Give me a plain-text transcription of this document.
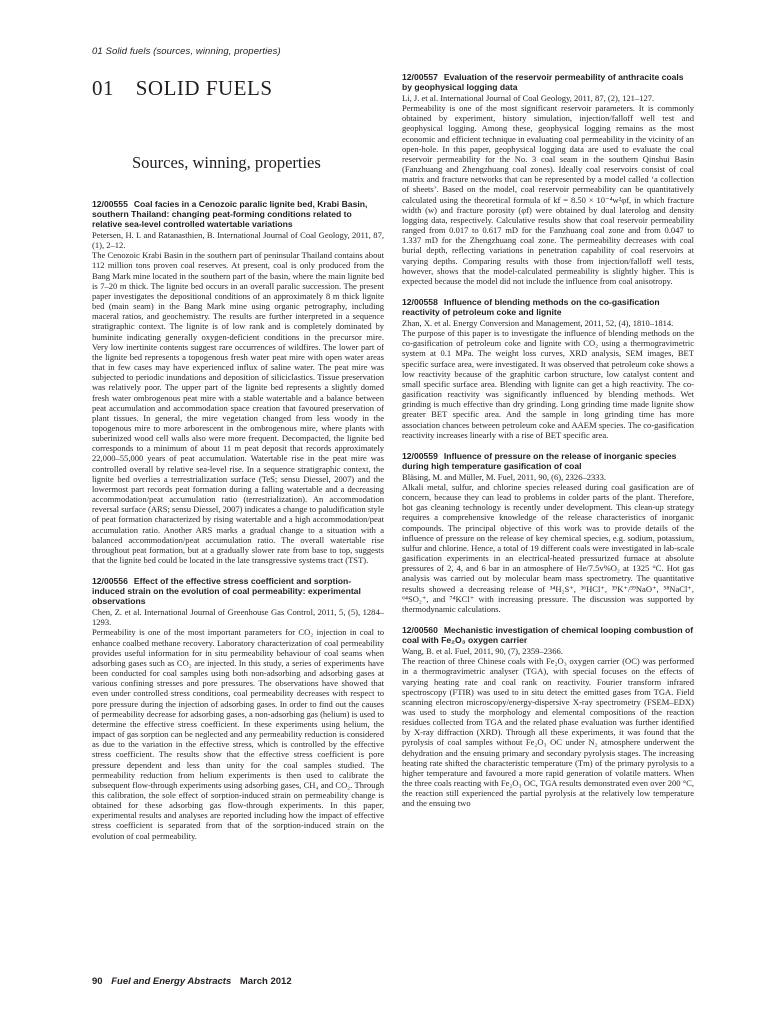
01 Solid fuels (sources, winning, properties)
01 SOLID FUELS
Sources, winning, properties
12/00555 Coal facies in a Cenozoic paralic lignite bed, Krabi Basin, southern Thailand: changing peat-forming conditions related to relative sea-level controlled watertable variations
Petersen, H. I. and Ratanasthien, B. International Journal of Coal Geology, 2011, 87, (1), 2–12.
The Cenozoic Krabi Basin in the southern part of peninsular Thailand contains about 112 million tons proven coal reserves. At present, coal is only produced from the Bang Mark mine located in the southern part of the basin, where the main lignite bed is 7–20 m thick. The lignite bed occurs in an overall paralic succession. The present paper investigates the depositional conditions of an approximately 8 m thick lignite bed (main seam) in the Bang Mark mine using organic petrography, including maceral ratios, and geochemistry. The results are further interpreted in a sequence stratigraphic context. The lignite is of low rank and is completely dominated by huminite indicating generally oxygen-deficient conditions in the precursor mire. Very low inertinite contents suggest rare occurrences of wildfires. The lower part of the lignite bed represents a topogenous fresh water peat mire with open water areas that in few cases may have experienced influx of saline water. The peat mire was subjected to periodic inundations and deposition of siliciclastics. Tissue preservation was relatively poor. The upper part of the lignite bed represents a slightly domed fresh water ombrogenous peat mire with a stable watertable and a balance between peat accumulation and accommodation space creation that favoured preservation of plant tissues. In general, the mire vegetation changed from less woody in the topogenous mire to more arborescent in the ombrogenous mire, where plants with suberinized wood cell walls also were more frequent. Decompacted, the lignite bed corresponds to a minimum of about 11 m peat deposit that records approximately 22,000–55,000 years of peat accumulation. Watertable rise in the peat mire was controlled overall by relative sea-level rise. In a sequence stratigraphic context, the lignite bed overlies a terrestrialization surface (TeS; sensu Diessel, 2007) and the lowermost part records peat formation during a falling watertable and a decreasing accommodation/peat accumulation ratio (terrestrialization). An accommodation reversal surface (ARS; sensu Diessel, 2007) indicates a change to paludification style of peat formation characterized by rising watertable and a high accommodation/peat accumulation ratio. Another ARS marks a gradual change to a situation with a balanced accommodation/peat accumulation ratio. The overall watertable rise throughout peat formation, but at a gradually slower rate from base to top, suggests that the lignite bed could be located in the late transgressive systems tract (TST).
12/00556 Effect of the effective stress coefficient and sorption-induced strain on the evolution of coal permeability: experimental observations
Chen, Z. et al. International Journal of Greenhouse Gas Control, 2011, 5, (5), 1284–1293.
Permeability is one of the most important parameters for CO₂ injection in coal to enhance coalbed methane recovery. Laboratory characterization of coal permeability provides useful information for in situ permeability behaviour of coal seams when adsorbing gases such as CO₂ are injected. In this study, a series of experiments have been conducted for coal samples using both non-adsorbing and adsorbing gases at various confining stresses and pore pressures. The observations have showed that even under controlled stress conditions, coal permeability decreases with respect to pore pressure during the injection of adsorbing gases. In order to find out the causes of permeability decrease for adsorbing gases, a non-adsorbing gas (helium) is used to determine the effective stress coefficient. In these experiments using helium, the impact of gas sorption can be neglected and any permeability reduction is considered as due to the variation in the effective stress, which is controlled by the effective stress coefficient. The results show that the effective stress coefficient is pore pressure dependent and less than unity for the coal samples studied. The permeability reduction from helium experiments is then used to calibrate the subsequent flow-through experiments using adsorbing gases, CH₄ and CO₂. Through this calibration, the sole effect of sorption-induced strain on permeability change is obtained for these adsorbing gas flow-through experiments. In this paper, experimental results and analyses are reported including how the impact of effective stress coefficient is separated from that of the sorption-induced strain on the evolution of coal permeability.
12/00557 Evaluation of the reservoir permeability of anthracite coals by geophysical logging data
Li, J. et al. International Journal of Coal Geology, 2011, 87, (2), 121–127.
Permeability is one of the most significant reservoir parameters. It is commonly obtained by experiment, history simulation, injection/falloff well test and geophysical logging. Among these, geophysical logging remains as the most economic and efficient technique in evaluating coal permeability in the vicinity of an open-hole. In this paper, geophysical logging data are used to evaluate the coal reservoir permeability for the No. 3 coal seam in the southern Qinshui Basin (Fanzhuang and Zhengzhuang coal zones). Ideally coal reservoirs consist of coal matrix and fracture networks that can be represented by a model called ‘a collection of sheets’. Based on the model, coal reservoir permeability can be quantitatively calculated using the theoretical formula of kf = 8.50 × 10⁻⁴w²φf, in which fracture width (w) and fracture porosity (φf) were obtained by dual laterolog and density logging data, respectively. Calculative results show that coal reservoir permeability ranged from 0.017 to 0.617 mD for the Fanzhuang coal zone and from 0.047 to 1.337 mD for the Zhengzhuang coal zone. The permeability decreases with coal burial depth, reflecting variations in penetration capability of coal reservoirs at varying depths. Comparing results with those from injection/falloff well tests, however, shows that the model-calculated permeability is slightly higher. This is expected because the model did not include the influence from coal anisotropy.
12/00558 Influence of blending methods on the co-gasification reactivity of petroleum coke and lignite
Zhan, X. et al. Energy Conversion and Management, 2011, 52, (4), 1810–1814.
The purpose of this paper is to investigate the influence of blending methods on the co-gasification of petroleum coke and lignite with CO₂ using a thermogravimetric system at 0.1 MPa. The weight loss curves, XRD analysis, SEM images, BET specific surface area, were investigated. It was observed that petroleum coke shows a low reactivity because of the graphitic carbon structure, low catalyst content and small specific surface area. Blending with lignite can get a high reactivity. The co-gasification reactivity was significantly influenced by blending methods. Wet grinding is much effective than dry grinding. Long grinding time made lignite show greater BET specific area. And the sample in long grinding time has more association chances between petroleum coke and AAEM species. The co-gasification reactivity increases linearly with a rise of BET specific area.
12/00559 Influence of pressure on the release of inorganic species during high temperature gasification of coal
Bläsing, M. and Müller, M. Fuel, 2011, 90, (6), 2326–2333.
Alkali metal, sulfur, and chlorine species released during coal gasification are of concern, because they can lead to problems in colder parts of the plant. Therefore, hot gas cleaning technology is recently under development. This clean-up strategy requires a comprehensive knowledge of the release characteristics of inorganic compounds. The principal objective of this work was to provide details of the influence of pressure on the release of key chemical species, e.g. sodium, potassium, sulfur and chlorine. Hence, a total of 19 different coals were investigated in lab-scale gasification experiments in an electrical-heated pressurized furnace at absolute pressures of 2, 4, and 6 bar in an atmosphere of He/7.5v%O₂ at 1325 °C. Hot gas analysis was carried out by molecular beam mass spectrometry. The quantitative results showed a decreasing release of ³⁴H₂S⁺, ³⁶HCl⁺, ³⁹K⁺/³⁹NaO⁺, ⁵⁸NaCl⁺, ⁶⁴SO₂⁺, and ⁷⁴KCl⁺ with increasing pressure. The discussion was supported by thermodynamic calculations.
12/00560 Mechanistic investigation of chemical looping combustion of coal with Fe₂O₃ oxygen carrier
Wang, B. et al. Fuel, 2011, 90, (7), 2359–2366.
The reaction of three Chinese coals with Fe₂O₃ oxygen carrier (OC) was performed in a thermogravimetric analyser (TGA), with special focuses on the effects of varying heating rate and coal rank on reactivity. Fourier transform infrared spectroscopy (FTIR) was used to in situ detect the emitted gases from TGA. Field scanning electron microscopy/energy-dispersive X-ray spectrometry (FSEM–EDX) was used to study the morphology and elemental compositions of the reaction residues collected from TGA and the related phase evaluation was further identified by X-ray diffraction (XRD). Through all these experiments, it was found that the pyrolysis of coal samples without Fe₂O₃ OC under N₂ atmosphere underwent the dehydration and the ensuing primary and secondary pyrolysis stages. The increasing heating rate shifted the characteristic temperature (Tm) of the primary pyrolysis to a higher temperature and favoured a more rapid generation of volatile matters. When the three coals reacting with Fe₂O₃ OC, TGA results demonstrated even over 200 °C, the reaction still experienced the partial pyrolysis at the relatively low temperature and the ensuing two
90 Fuel and Energy Abstracts March 2012
